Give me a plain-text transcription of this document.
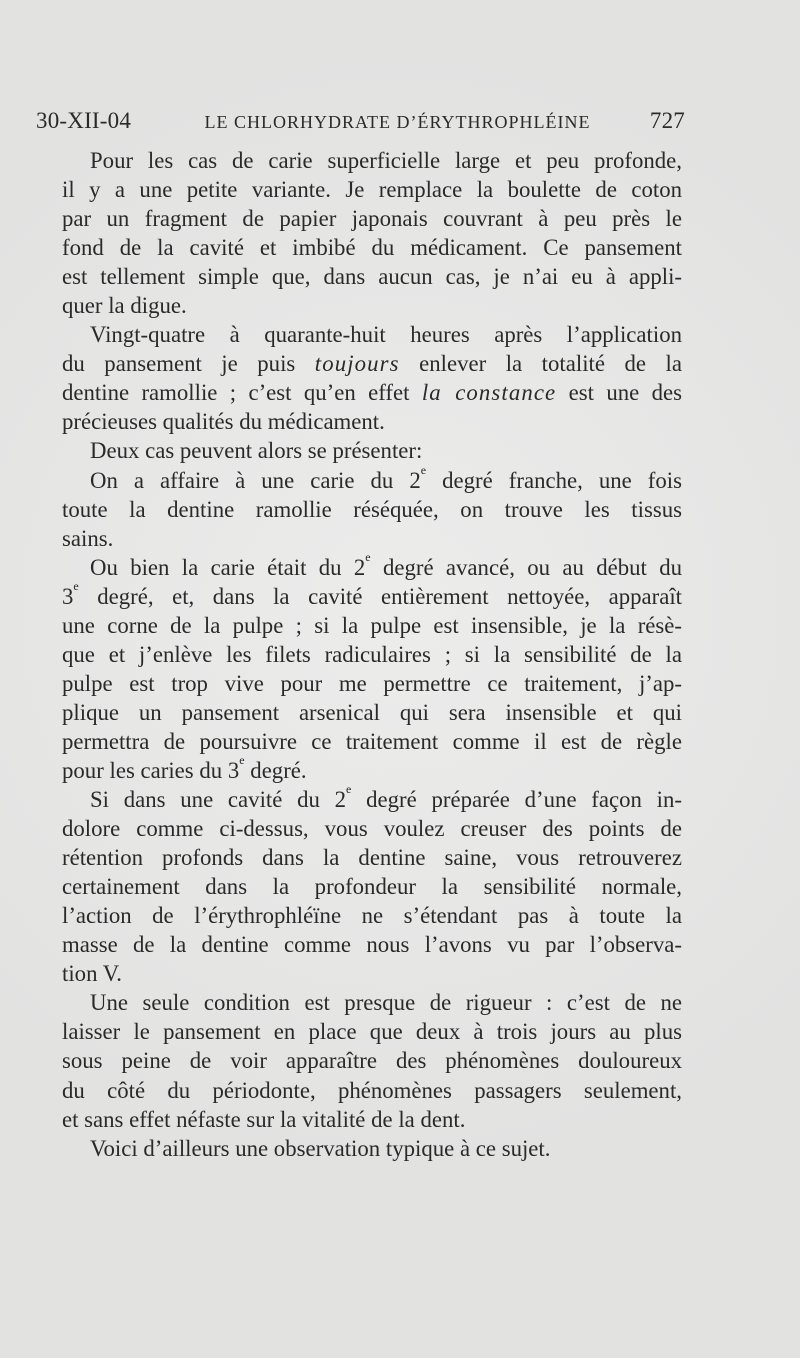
30-XII-04	LE CHLORHYDRATE D’ÉRYTHROPHLÉINE	727

Pour les cas de carie superficielle large et peu profonde,
il y a une petite variante. Je remplace la boulette de coton
par un fragment de papier japonais couvrant à peu près le
fond de la cavité et imbibé du médicament. Ce pansement
est tellement simple que, dans aucun cas, je n’ai eu à appli-
quer la digue.

Vingt-quatre à quarante-huit heures après l’application
du pansement je puis toujours enlever la totalité de la
dentine ramollie ; c’est qu’en effet la constance est une des
précieuses qualités du médicament.

Deux cas peuvent alors se présenter:

On a affaire à une carie du 2e degré franche, une fois
toute la dentine ramollie réséquée, on trouve les tissus
sains.

Ou bien la carie était du 2e degré avancé, ou au début du
3e degré, et, dans la cavité entièrement nettoyée, apparaît
une corne de la pulpe ; si la pulpe est insensible, je la résè-
que et j’enlève les filets radiculaires ; si la sensibilité de la
pulpe est trop vive pour me permettre ce traitement, j’ap-
plique un pansement arsenical qui sera insensible et qui
permettra de poursuivre ce traitement comme il est de règle
pour les caries du 3e degré.

Si dans une cavité du 2e degré préparée d’une façon in-
dolore comme ci-dessus, vous voulez creuser des points de
rétention profonds dans la dentine saine, vous retrouverez
certainement dans la profondeur la sensibilité normale,
l’action de l’érythrophléïne ne s’étendant pas à toute la
masse de la dentine comme nous l’avons vu par l’observa-
tion V.

Une seule condition est presque de rigueur : c’est de ne
laisser le pansement en place que deux à trois jours au plus
sous peine de voir apparaître des phénomènes douloureux
du côté du périodonte, phénomènes passagers seulement,
et sans effet néfaste sur la vitalité de la dent.

Voici d’ailleurs une observation typique à ce sujet.
